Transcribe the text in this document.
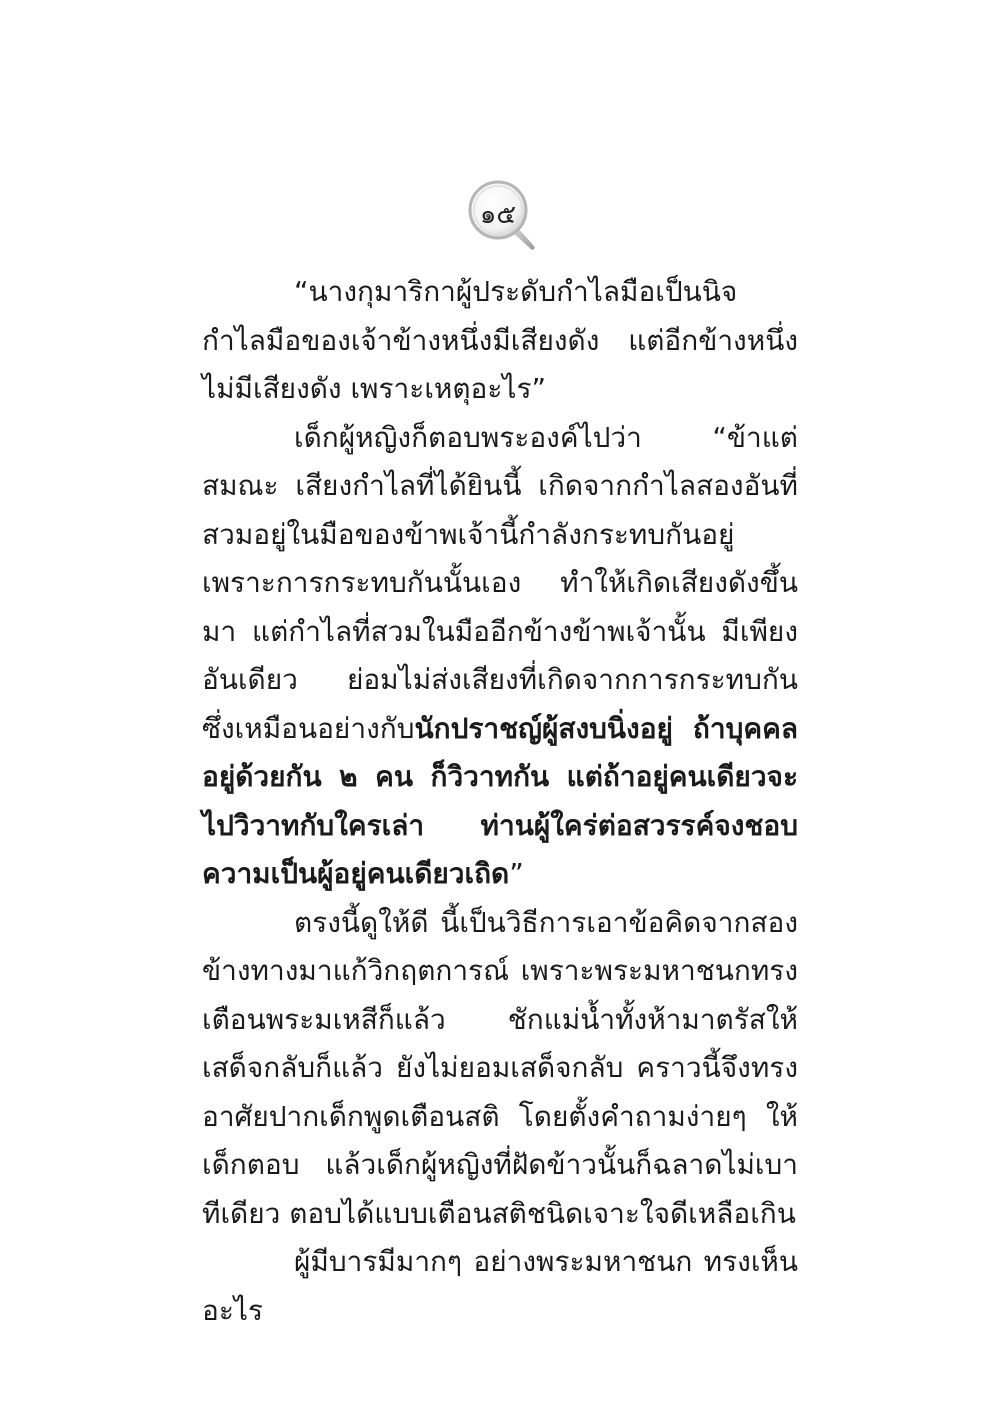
๑๕

“นางกุมาริกาผู้ประดับกำไลมือเป็นนิจ กำไลมือของเจ้าข้างหนึ่งมีเสียงดัง แต่อีกข้างหนึ่งไม่มีเสียงดัง เพราะเหตุอะไร”

เด็กผู้หญิงก็ตอบพระองค์ไปว่า “ข้าแต่สมณะ เสียงกำไลที่ได้ยินนี้ เกิดจากกำไลสองอันที่สวมอยู่ในมือของข้าพเจ้านี้กำลังกระทบกันอยู่ เพราะการกระทบกันนั้นเอง ทำให้เกิดเสียงดังขึ้นมา แต่กำไลที่สวมในมืออีกข้างข้าพเจ้านั้น มีเพียงอันเดียว ย่อมไม่ส่งเสียงที่เกิดจากการกระทบกัน ซึ่งเหมือนอย่างกับนักปราชญ์ผู้สงบนิ่งอยู่ ถ้าบุคคลอยู่ด้วยกัน ๒ คน ก็วิวาทกัน แต่ถ้าอยู่คนเดียวจะไปวิวาทกับใครเล่า ท่านผู้ใคร่ต่อสวรรค์จงชอบความเป็นผู้อยู่คนเดียวเถิด”

ตรงนี้ดูให้ดี นี้เป็นวิธีการเอาข้อคิดจากสองข้างทางมาแก้วิกฤตการณ์ เพราะพระมหาชนกทรงเตือนพระมเหสีก็แล้ว ชักแม่น้ำทั้งห้ามาตรัสให้เสด็จกลับก็แล้ว ยังไม่ยอมเสด็จกลับ คราวนี้จึงทรงอาศัยปากเด็กพูดเตือนสติ โดยตั้งคำถามง่ายๆ ให้เด็กตอบ แล้วเด็กผู้หญิงที่ฝัดข้าวนั้นก็ฉลาดไม่เบาทีเดียว ตอบได้แบบเตือนสติชนิดเจาะใจดีเหลือเกิน

ผู้มีบารมีมากๆ อย่างพระมหาชนก ทรงเห็นอะไร
